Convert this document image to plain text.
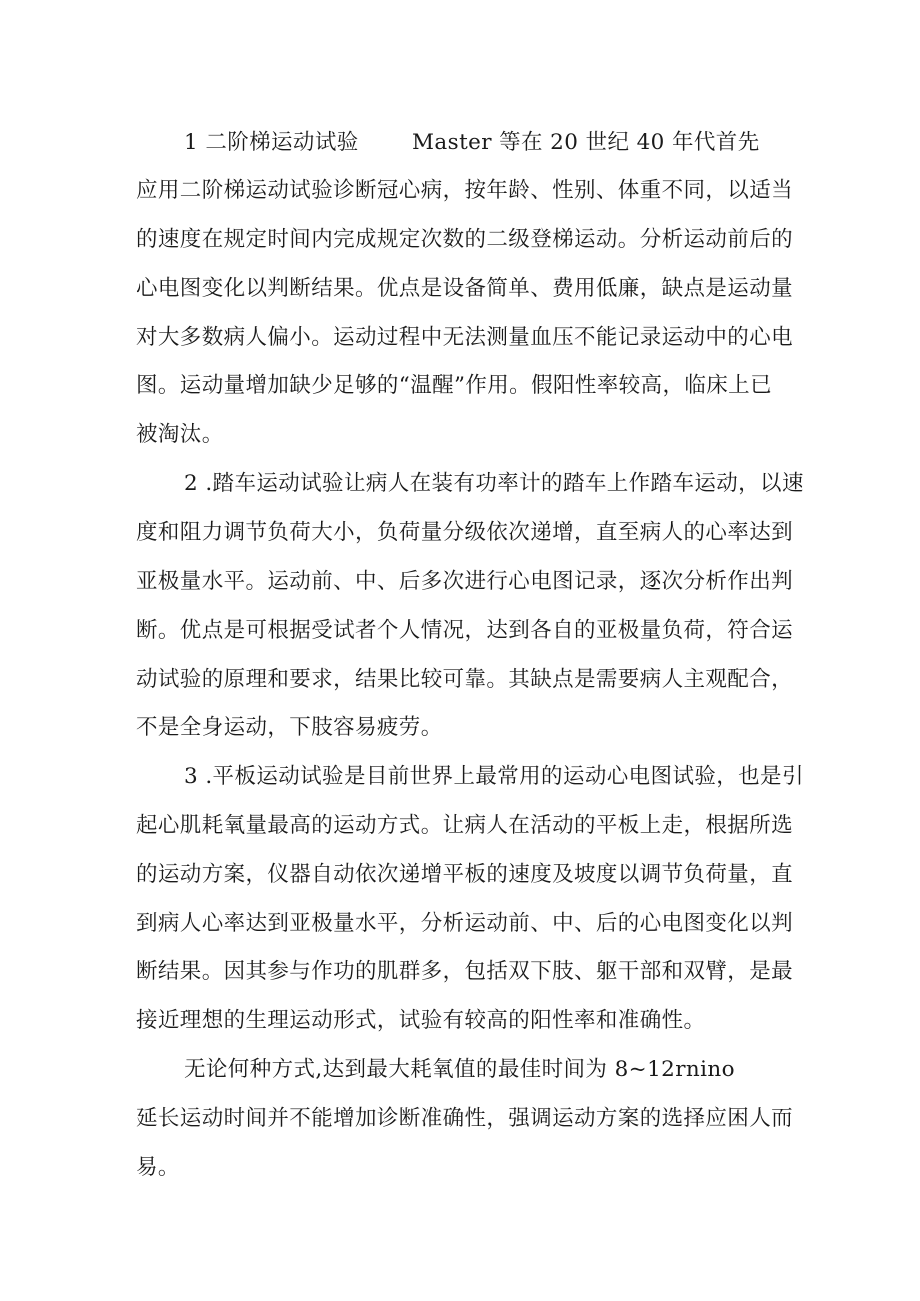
1 二阶梯运动试验 Master 等在 20 世纪 40 年代首先
应用二阶梯运动试验诊断冠心病，按年龄、性别、体重不同，以适当
的速度在规定时间内完成规定次数的二级登梯运动。分析运动前后的
心电图变化以判断结果。优点是设备简单、费用低廉，缺点是运动量
对大多数病人偏小。运动过程中无法测量血压不能记录运动中的心电
图。运动量增加缺少足够的“温醒”作用。假阳性率较高，临床上已
被淘汰。
2 .踏车运动试验让病人在装有功率计的踏车上作踏车运动，以速
度和阻力调节负荷大小，负荷量分级依次递增，直至病人的心率达到
亚极量水平。运动前、中、后多次进行心电图记录，逐次分析作出判
断。优点是可根据受试者个人情况，达到各自的亚极量负荷，符合运
动试验的原理和要求，结果比较可靠。其缺点是需要病人主观配合，
不是全身运动，下肢容易疲劳。
3 .平板运动试验是目前世界上最常用的运动心电图试验，也是引
起心肌耗氧量最高的运动方式。让病人在活动的平板上走，根据所选
的运动方案，仪器自动依次递增平板的速度及坡度以调节负荷量，直
到病人心率达到亚极量水平，分析运动前、中、后的心电图变化以判
断结果。因其参与作功的肌群多，包括双下肢、躯干部和双臂，是最
接近理想的生理运动形式，试验有较高的阳性率和准确性。
无论何种方式,达到最大耗氧值的最佳时间为 8~12rnino
延长运动时间并不能增加诊断准确性，强调运动方案的选择应困人而
易。
